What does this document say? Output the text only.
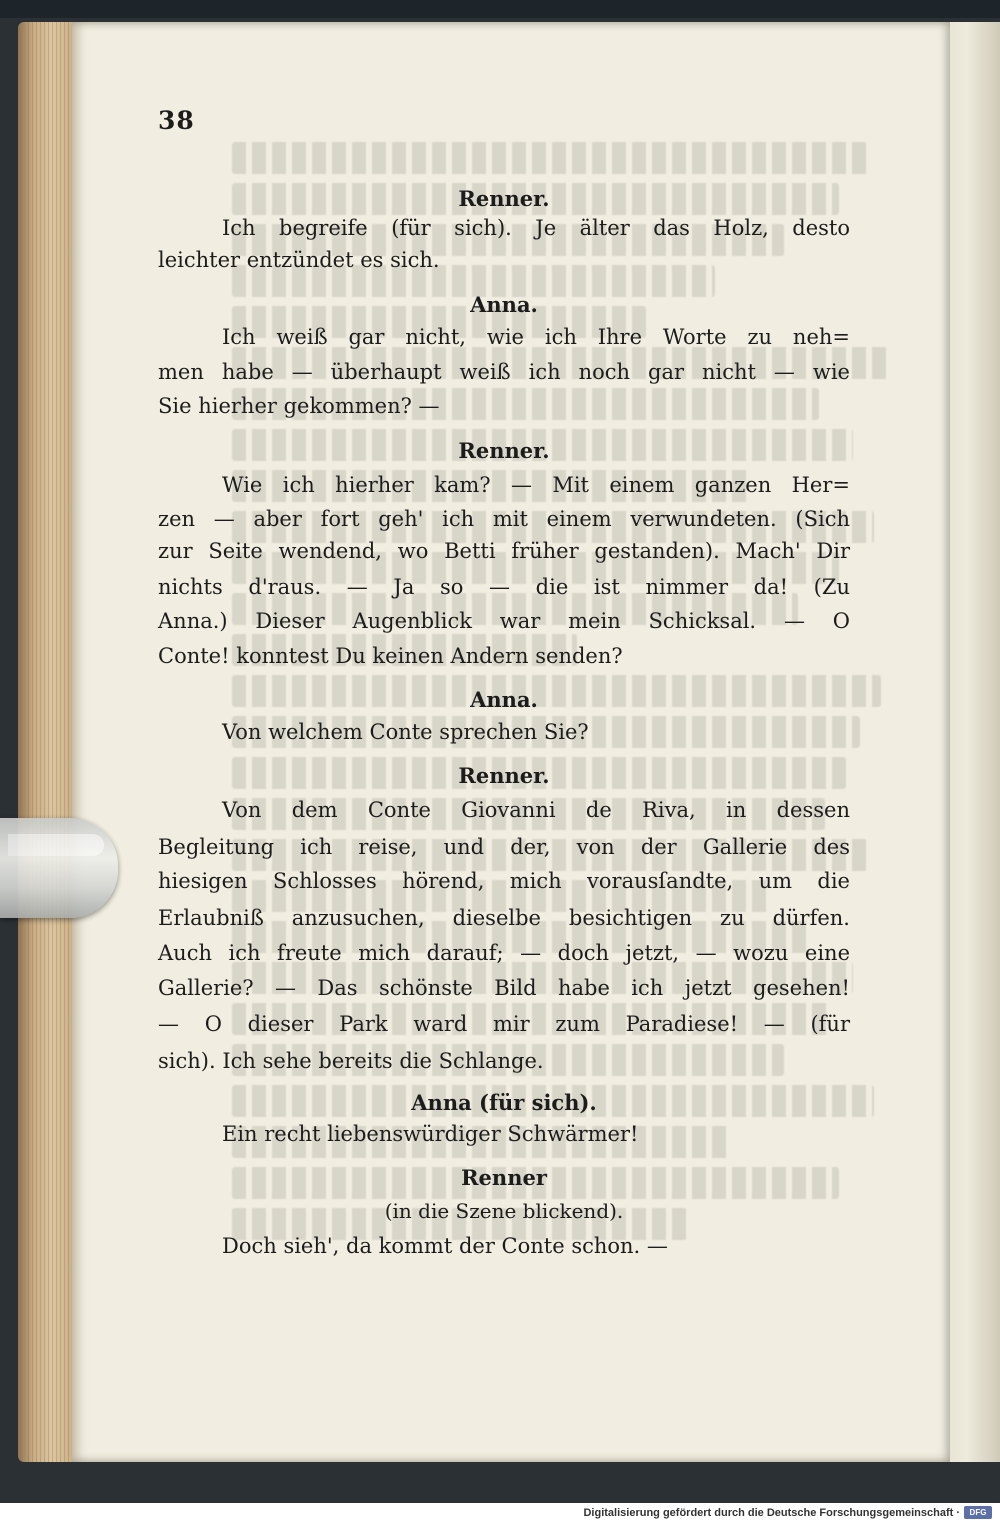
38
Renner.
Ich begreife (für sich). Je älter das Holz, desto
leichter entzündet es sich.
Anna.
Ich weiß gar nicht, wie ich Ihre Worte zu neh=
men habe — überhaupt weiß ich noch gar nicht — wie
Sie hierher gekommen? —
Renner.
Wie ich hierher kam? — Mit einem ganzen Her=
zen — aber fort geh' ich mit einem verwundeten. (Sich
zur Seite wendend, wo Betti früher gestanden). Mach' Dir
nichts d'raus. — Ja so — die ist nimmer da! (Zu
Anna.) Dieser Augenblick war mein Schicksal. — O
Conte! konntest Du keinen Andern senden?
Anna.
Von welchem Conte sprechen Sie?
Renner.
Von dem Conte Giovanni de Riva, in dessen
Begleitung ich reise, und der, von der Gallerie des
hiesigen Schlosses hörend, mich vorausſandte, um die
Erlaubniß anzusuchen, dieselbe besichtigen zu dürfen.
Auch ich freute mich darauf; — doch jetzt, — wozu eine
Gallerie? — Das schönste Bild habe ich jetzt gesehen!
— O dieser Park ward mir zum Paradiese! — (für
sich). Ich sehe bereits die Schlange.
Anna (für sich).
Ein recht liebenswürdiger Schwärmer!
Renner
(in die Szene blickend).
Doch sieh', da kommt der Conte schon. —
Digitalisierung gefördert durch die Deutsche Forschungsgemeinschaft ·	DFG
